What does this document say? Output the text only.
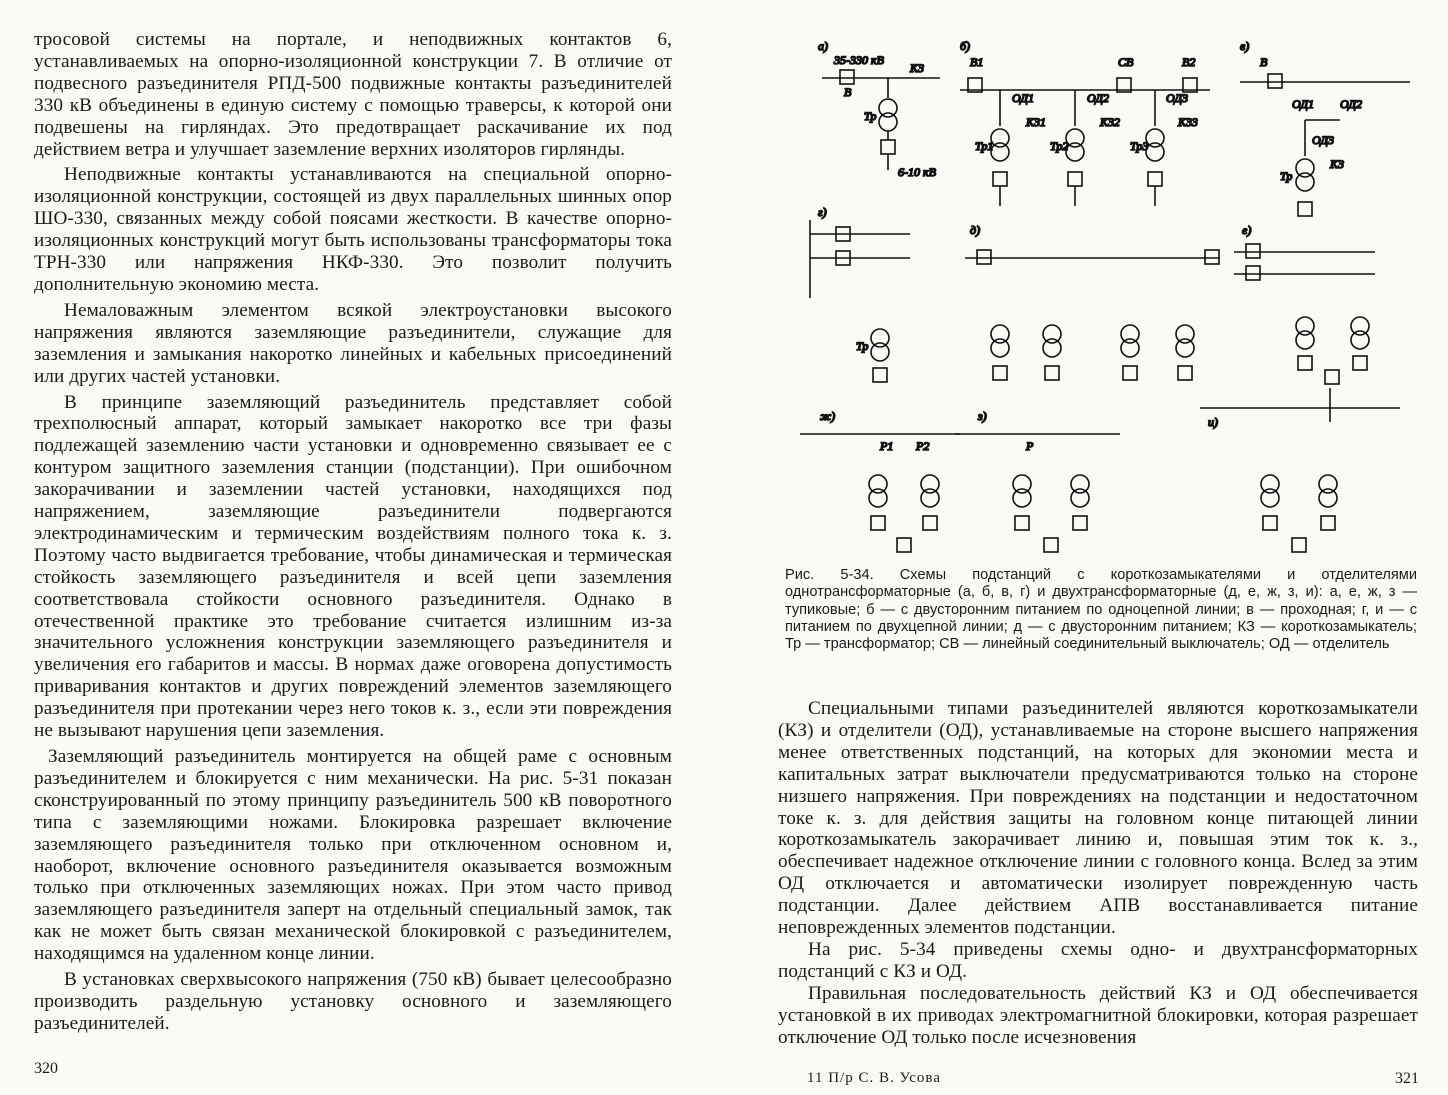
тросовой системы на портале, и неподвижных контактов 6, устанавливаемых на опорно-изоляционной конструкции 7. В отличие от подвесного разъединителя РПД-500 подвижные контакты разъединителей 330 кВ объединены в единую систему с помощью траверсы, к которой они подвешены на гирляндах. Это предотвращает раскачивание их под действием ветра и улучшает заземление верхних изоляторов гирлянды.

Неподвижные контакты устанавливаются на специальной опорно-изоляционной конструкции, состоящей из двух параллельных шинных опор ШО-330, связанных между собой поясами жесткости. В качестве опорно-изоляционных конструкций могут быть использованы трансформаторы тока ТРН-330 или напряжения НКФ-330. Это позволит получить дополнительную экономию места.

Немаловажным элементом всякой электроустановки высокого напряжения являются заземляющие разъединители, служащие для заземления и замыкания накоротко линейных и кабельных присоединений или других частей установки.

В принципе заземляющий разъединитель представляет собой трехполюсный аппарат, который замыкает накоротко все три фазы подлежащей заземлению части установки и одновременно связывает ее с контуром защитного заземления станции (подстанции). При ошибочном закорачивании и заземлении частей установки, находящихся под напряжением, заземляющие разъединители подвергаются электродинамическим и термическим воздействиям полного тока к. з. Поэтому часто выдвигается требование, чтобы динамическая и термическая стойкость заземляющего разъединителя и всей цепи заземления соответствовала стойкости основного разъединителя. Однако в отечественной практике это требование считается излишним из-за значительного усложнения конструкции заземляющего разъединителя и увеличения его габаритов и массы. В нормах даже оговорена допустимость приваривания контактов и других повреждений элементов заземляющего разъединителя при протекании через него токов к. з., если эти повреждения не вызывают нарушения цепи заземления.

Заземляющий разъединитель монтируется на общей раме с основным разъединителем и блокируется с ним механически. На рис. 5-31 показан сконструированный по этому принципу разъединитель 500 кВ поворотного типа с заземляющими ножами. Блокировка разрешает включение заземляющего разъединителя только при отключенном основном и, наоборот, включение основного разъединителя оказывается возможным только при отключенных заземляющих ножах. При этом часто привод заземляющего разъединителя заперт на отдельный специальный замок, так как не может быть связан механической блокировкой с разъединителем, находящимся на удаленном конце линии.

В установках сверхвысокого напряжения (750 кВ) бывает целесообразно производить раздельную установку основного и заземляющего разъединителей.

320
а)
35-330 кВ
В
КЗ
Тр
6-10 кВ
б)
В1	СВ	В2
ОД1
КЗ1
Тр1
ОД2
КЗ2
Тр2
ОД3
КЗ3
Тр3
в)
В
ОД1 ОД2
ОД3
КЗ
Тр
г)
Тр
д)	е)
ж)
Р1 Р2
з)
Р
и)
Рис. 5-34. Схемы подстанций с короткозамыкателями и отделителями однотрансформаторные (а, б, в, г) и двухтрансформаторные (д, е, ж, з, и): а, е, ж, з — тупиковые; б — с двусторонним питанием по одноцепной линии; в — проходная; г, и — с питанием по двухцепной линии; д — с двусторонним питанием; КЗ — короткозамыкатель; Тр — трансформатор; СВ — линейный соединительный выключатель; ОД — отделитель

Специальными типами разъединителей являются короткозамыкатели (КЗ) и отделители (ОД), устанавливаемые на стороне высшего напряжения менее ответственных подстанций, на которых для экономии места и капитальных затрат выключатели предусматриваются только на стороне низшего напряжения. При повреждениях на подстанции и недостаточном токе к. з. для действия защиты на головном конце питающей линии короткозамыкатель закорачивает линию и, повышая этим ток к. з., обеспечивает надежное отключение линии с головного конца. Вслед за этим ОД отключается и автоматически изолирует поврежденную часть подстанции. Далее действием АПВ восстанавливается питание неповрежденных элементов подстанции.

На рис. 5-34 приведены схемы одно- и двухтрансформаторных подстанций с КЗ и ОД.

Правильная последовательность действий КЗ и ОД обеспечивается установкой в их приводах электромагнитной блокировки, которая разрешает отключение ОД только после исчезновения

11 П/р С. В. Усова	321
